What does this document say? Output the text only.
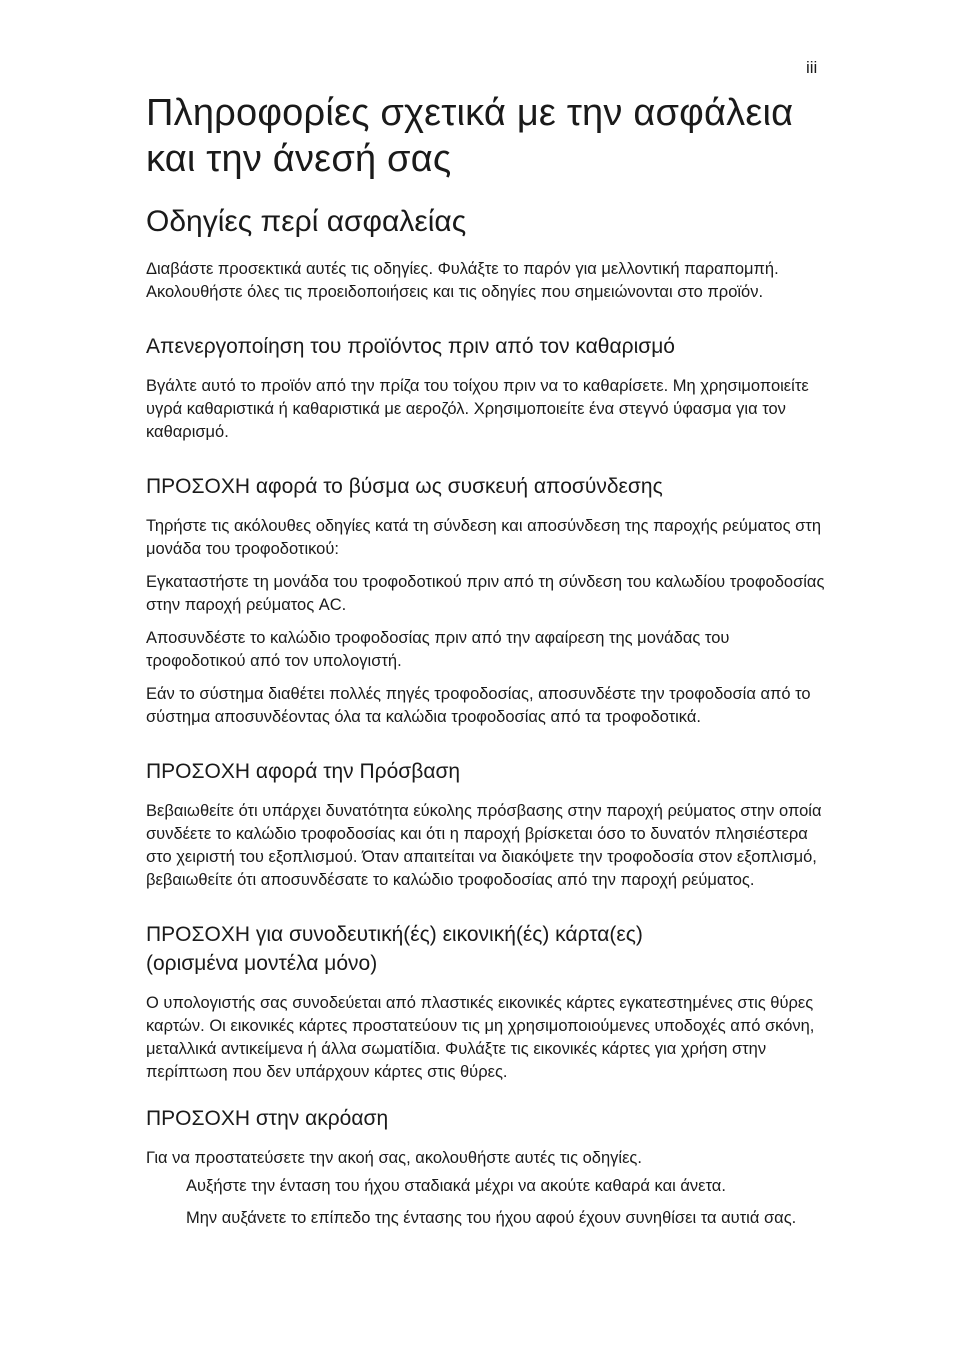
iii
Πληροφορίες σχετικά με την ασφάλεια και την άνεσή σας
Οδηγίες περί ασφαλείας

Διαβάστε προσεκτικά αυτές τις οδηγίες. Φυλάξτε το παρόν για μελλοντική παραπομπή. Ακολουθήστε όλες τις προειδοποιήσεις και τις οδηγίες που σημειώνονται στο προϊόν.

Απενεργοποίηση του προϊόντος πριν από τον καθαρισμό

Βγάλτε αυτό το προϊόν από την πρίζα του τοίχου πριν να το καθαρίσετε. Μη χρησιμοποιείτε υγρά καθαριστικά ή καθαριστικά με αεροζόλ. Χρησιμοποιείτε ένα στεγνό ύφασμα για τον καθαρισμό.

ΠΡΟΣΟΧΗ αφορά το βύσμα ως συσκευή αποσύνδεσης

Τηρήστε τις ακόλουθες οδηγίες κατά τη σύνδεση και αποσύνδεση της παροχής ρεύματος στη μονάδα του τροφοδοτικού:

Εγκαταστήστε τη μονάδα του τροφοδοτικού πριν από τη σύνδεση του καλωδίου τροφοδοσίας στην παροχή ρεύματος AC.

Αποσυνδέστε το καλώδιο τροφοδοσίας πριν από την αφαίρεση της μονάδας του τροφοδοτικού από τον υπολογιστή.

Εάν το σύστημα διαθέτει πολλές πηγές τροφοδοσίας, αποσυνδέστε την τροφοδοσία από το σύστημα αποσυνδέοντας όλα τα καλώδια τροφοδοσίας από τα τροφοδοτικά.

ΠΡΟΣΟΧΗ αφορά την Πρόσβαση

Βεβαιωθείτε ότι υπάρχει δυνατότητα εύκολης πρόσβασης στην παροχή ρεύματος στην οποία συνδέετε το καλώδιο τροφοδοσίας και ότι η παροχή βρίσκεται όσο το δυνατόν πλησιέστερα στο χειριστή του εξοπλισμού. Όταν απαιτείται να διακόψετε την τροφοδοσία στον εξοπλισμό, βεβαιωθείτε ότι αποσυνδέσατε το καλώδιο τροφοδοσίας από την παροχή ρεύματος.

ΠΡΟΣΟΧΗ για συνοδευτική(ές) εικονική(ές) κάρτα(ες)
(ορισμένα μοντέλα μόνο)

Ο υπολογιστής σας συνοδεύεται από πλαστικές εικονικές κάρτες εγκατεστημένες στις θύρες καρτών. Οι εικονικές κάρτες προστατεύουν τις μη χρησιμοποιούμενες υποδοχές από σκόνη, μεταλλικά αντικείμενα ή άλλα σωματίδια. Φυλάξτε τις εικονικές κάρτες για χρήση στην περίπτωση που δεν υπάρχουν κάρτες στις θύρες.

ΠΡΟΣΟΧΗ στην ακρόαση

Για να προστατεύσετε την ακοή σας, ακολουθήστε αυτές τις οδηγίες.

Αυξήστε την ένταση του ήχου σταδιακά μέχρι να ακούτε καθαρά και άνετα.

Μην αυξάνετε το επίπεδο της έντασης του ήχου αφού έχουν συνηθίσει τα αυτιά σας.
